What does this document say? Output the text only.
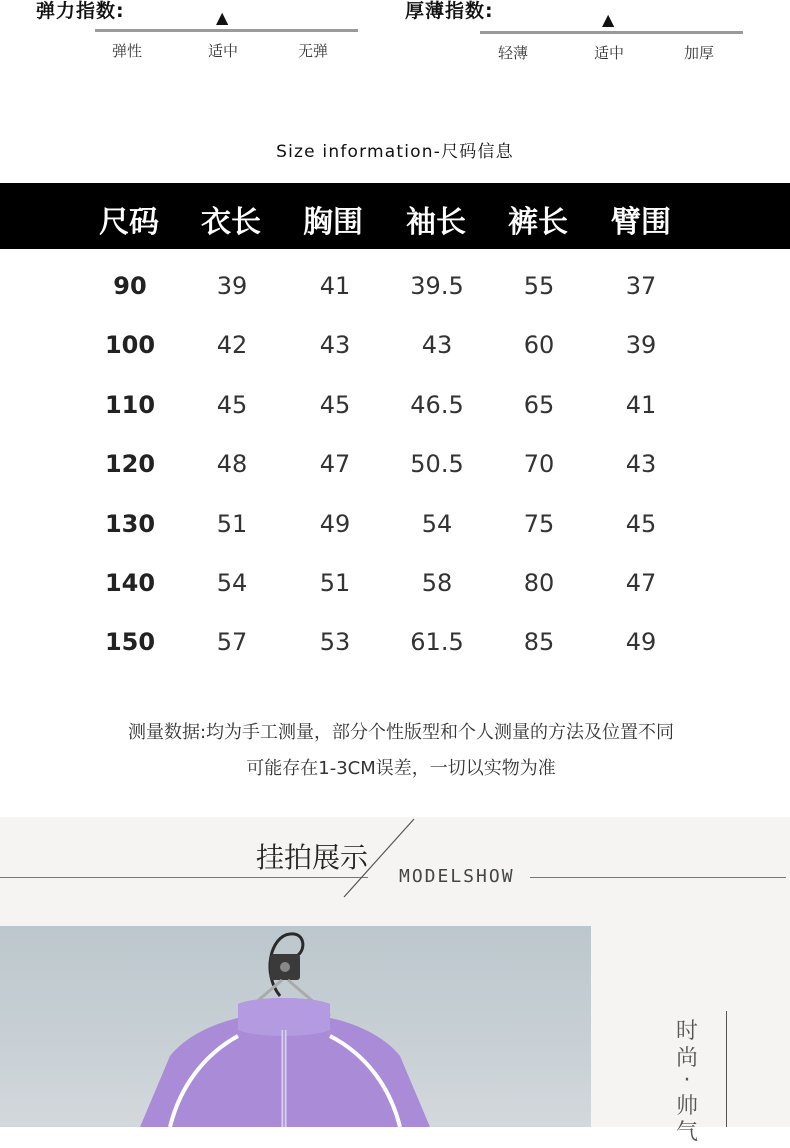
弹力指数:	▲
弹性	适中	无弹
厚薄指数:	▲
轻薄	适中	加厚
Size information-尺码信息
尺码	衣长	胸围	袖长	裤长	臂围
90	39	41	39.5	55	37
100	42	43	43	60	39
110	45	45	46.5	65	41
120	48	47	50.5	70	43
130	51	49	54	75	45
140	54	51	58	80	47
150	57	53	61.5	85	49
测量数据:均为手工测量，部分个性版型和个人测量的方法及位置不同
可能存在1-3CM误差，一切以实物为准
挂拍展示
MODELSHOW
时
尚
·
帅
气
